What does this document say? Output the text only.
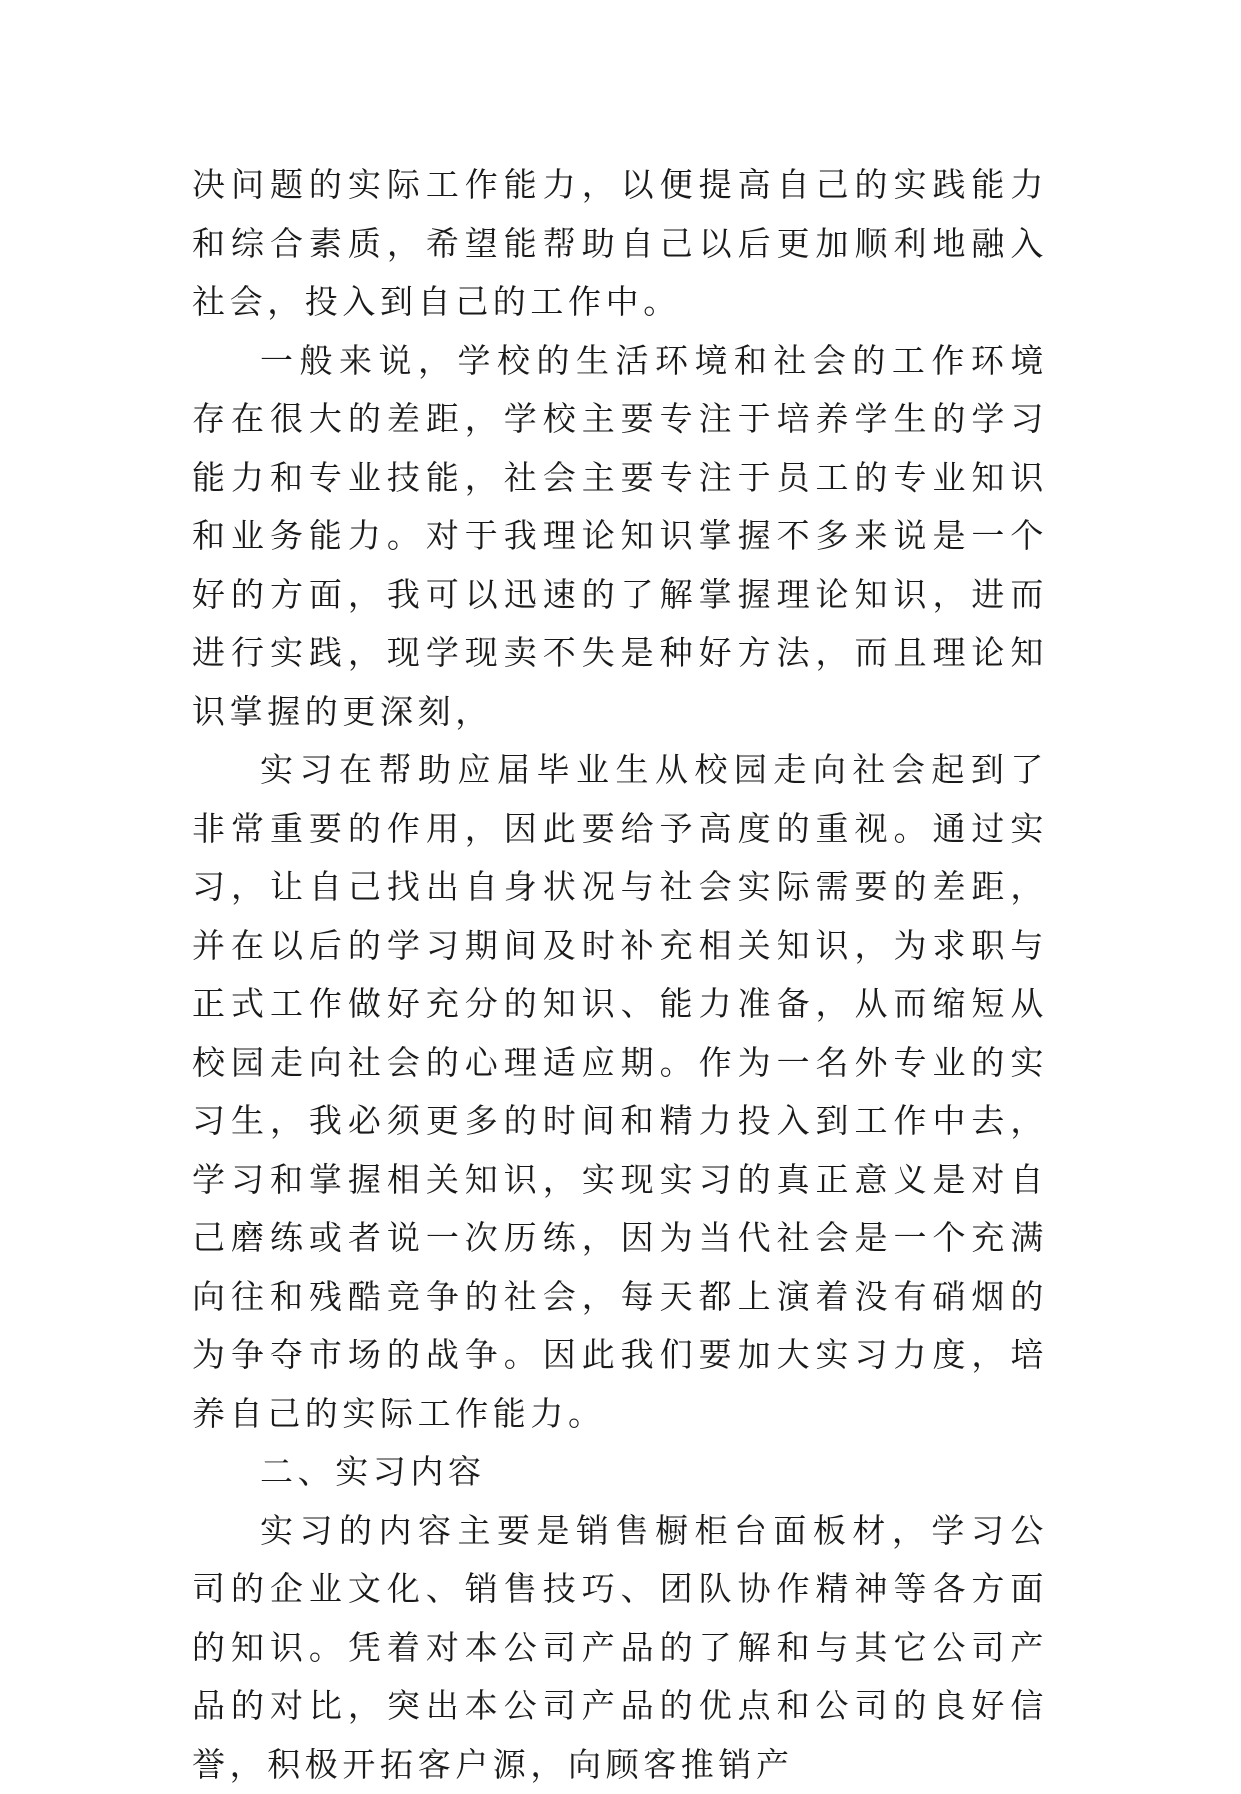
决问题的实际工作能力，以便提高自己的实践能力和综合素质，希望能帮助自己以后更加顺利地融入社会，投入到自己的工作中。

一般来说，学校的生活环境和社会的工作环境存在很大的差距，学校主要专注于培养学生的学习能力和专业技能，社会主要专注于员工的专业知识和业务能力。对于我理论知识掌握不多来说是一个好的方面，我可以迅速的了解掌握理论知识，进而进行实践，现学现卖不失是种好方法，而且理论知识掌握的更深刻，

实习在帮助应届毕业生从校园走向社会起到了非常重要的作用，因此要给予高度的重视。通过实习，让自己找出自身状况与社会实际需要的差距，并在以后的学习期间及时补充相关知识，为求职与正式工作做好充分的知识、能力准备，从而缩短从校园走向社会的心理适应期。作为一名外专业的实习生，我必须更多的时间和精力投入到工作中去，学习和掌握相关知识，实现实习的真正意义是对自己磨练或者说一次历练，因为当代社会是一个充满向往和残酷竞争的社会，每天都上演着没有硝烟的为争夺市场的战争。因此我们要加大实习力度，培养自己的实际工作能力。

二、实习内容

实习的内容主要是销售橱柜台面板材，学习公司的企业文化、销售技巧、团队协作精神等各方面的知识。凭着对本公司产品的了解和与其它公司产品的对比，突出本公司产品的优点和公司的良好信誉，积极开拓客户源，向顾客推销产
